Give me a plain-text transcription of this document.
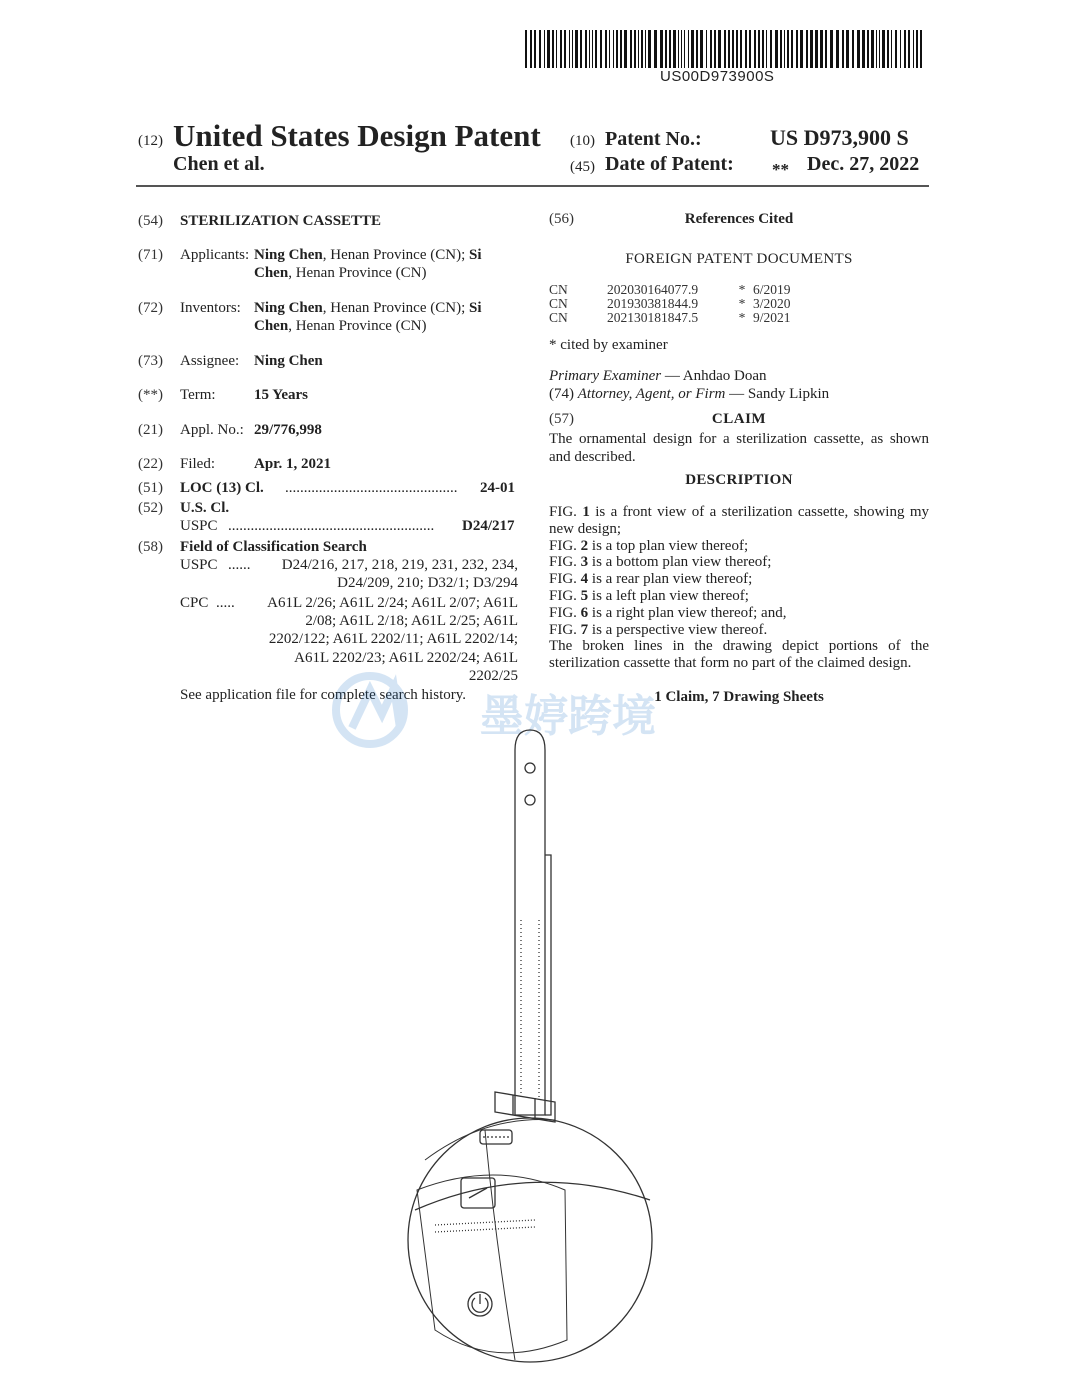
US00D973900S
(12) United States Design Patent
Chen et al.
(10) Patent No.:	US D973,900 S
(45) Date of Patent: ** Dec. 27, 2022
(54) STERILIZATION CASSETTE
(71) Applicants: Ning Chen, Henan Province (CN); Si
Chen, Henan Province (CN)
(72) Inventors: Ning Chen, Henan Province (CN); Si
Chen, Henan Province (CN)
(73) Assignee: Ning Chen
(**) Term:	15 Years
(21) Appl. No.: 29/776,998
(22) Filed:	Apr. 1, 2021
(51) LOC (13) Cl. ..............................................	24-01
(52) U.S. Cl.
USPC .......................................................	D24/217
(58) Field of Classification Search
USPC ......	D24/216, 217, 218, 219, 231, 232, 234,
D24/209, 210; D32/1; D3/294
CPC .....	A61L 2/26; A61L 2/24; A61L 2/07; A61L
2/08; A61L 2/18; A61L 2/25; A61L
2202/122; A61L 2202/11; A61L 2202/14;
A61L 2202/23; A61L 2202/24; A61L
2202/25
See application file for complete search history.
(56)	References Cited
FOREIGN PATENT DOCUMENTS
CN	202030164077.9	*	6/2019
CN	201930381844.9	*	3/2020
CN	202130181847.5	*	9/2021
* cited by examiner
Primary Examiner — Anhdao Doan
(74) Attorney, Agent, or Firm — Sandy Lipkin
(57)	CLAIM
The ornamental design for a sterilization cassette, as shown and described.
DESCRIPTION
FIG. 1 is a front view of a sterilization cassette, showing my new design;
FIG. 2 is a top plan view thereof;
FIG. 3 is a bottom plan view thereof;
FIG. 4 is a rear plan view thereof;
FIG. 5 is a left plan view thereof;
FIG. 6 is a right plan view thereof; and,
FIG. 7 is a perspective view thereof.
The broken lines in the drawing depict portions of the sterilization cassette that form no part of the claimed design.
1 Claim, 7 Drawing Sheets
墨婷跨境
